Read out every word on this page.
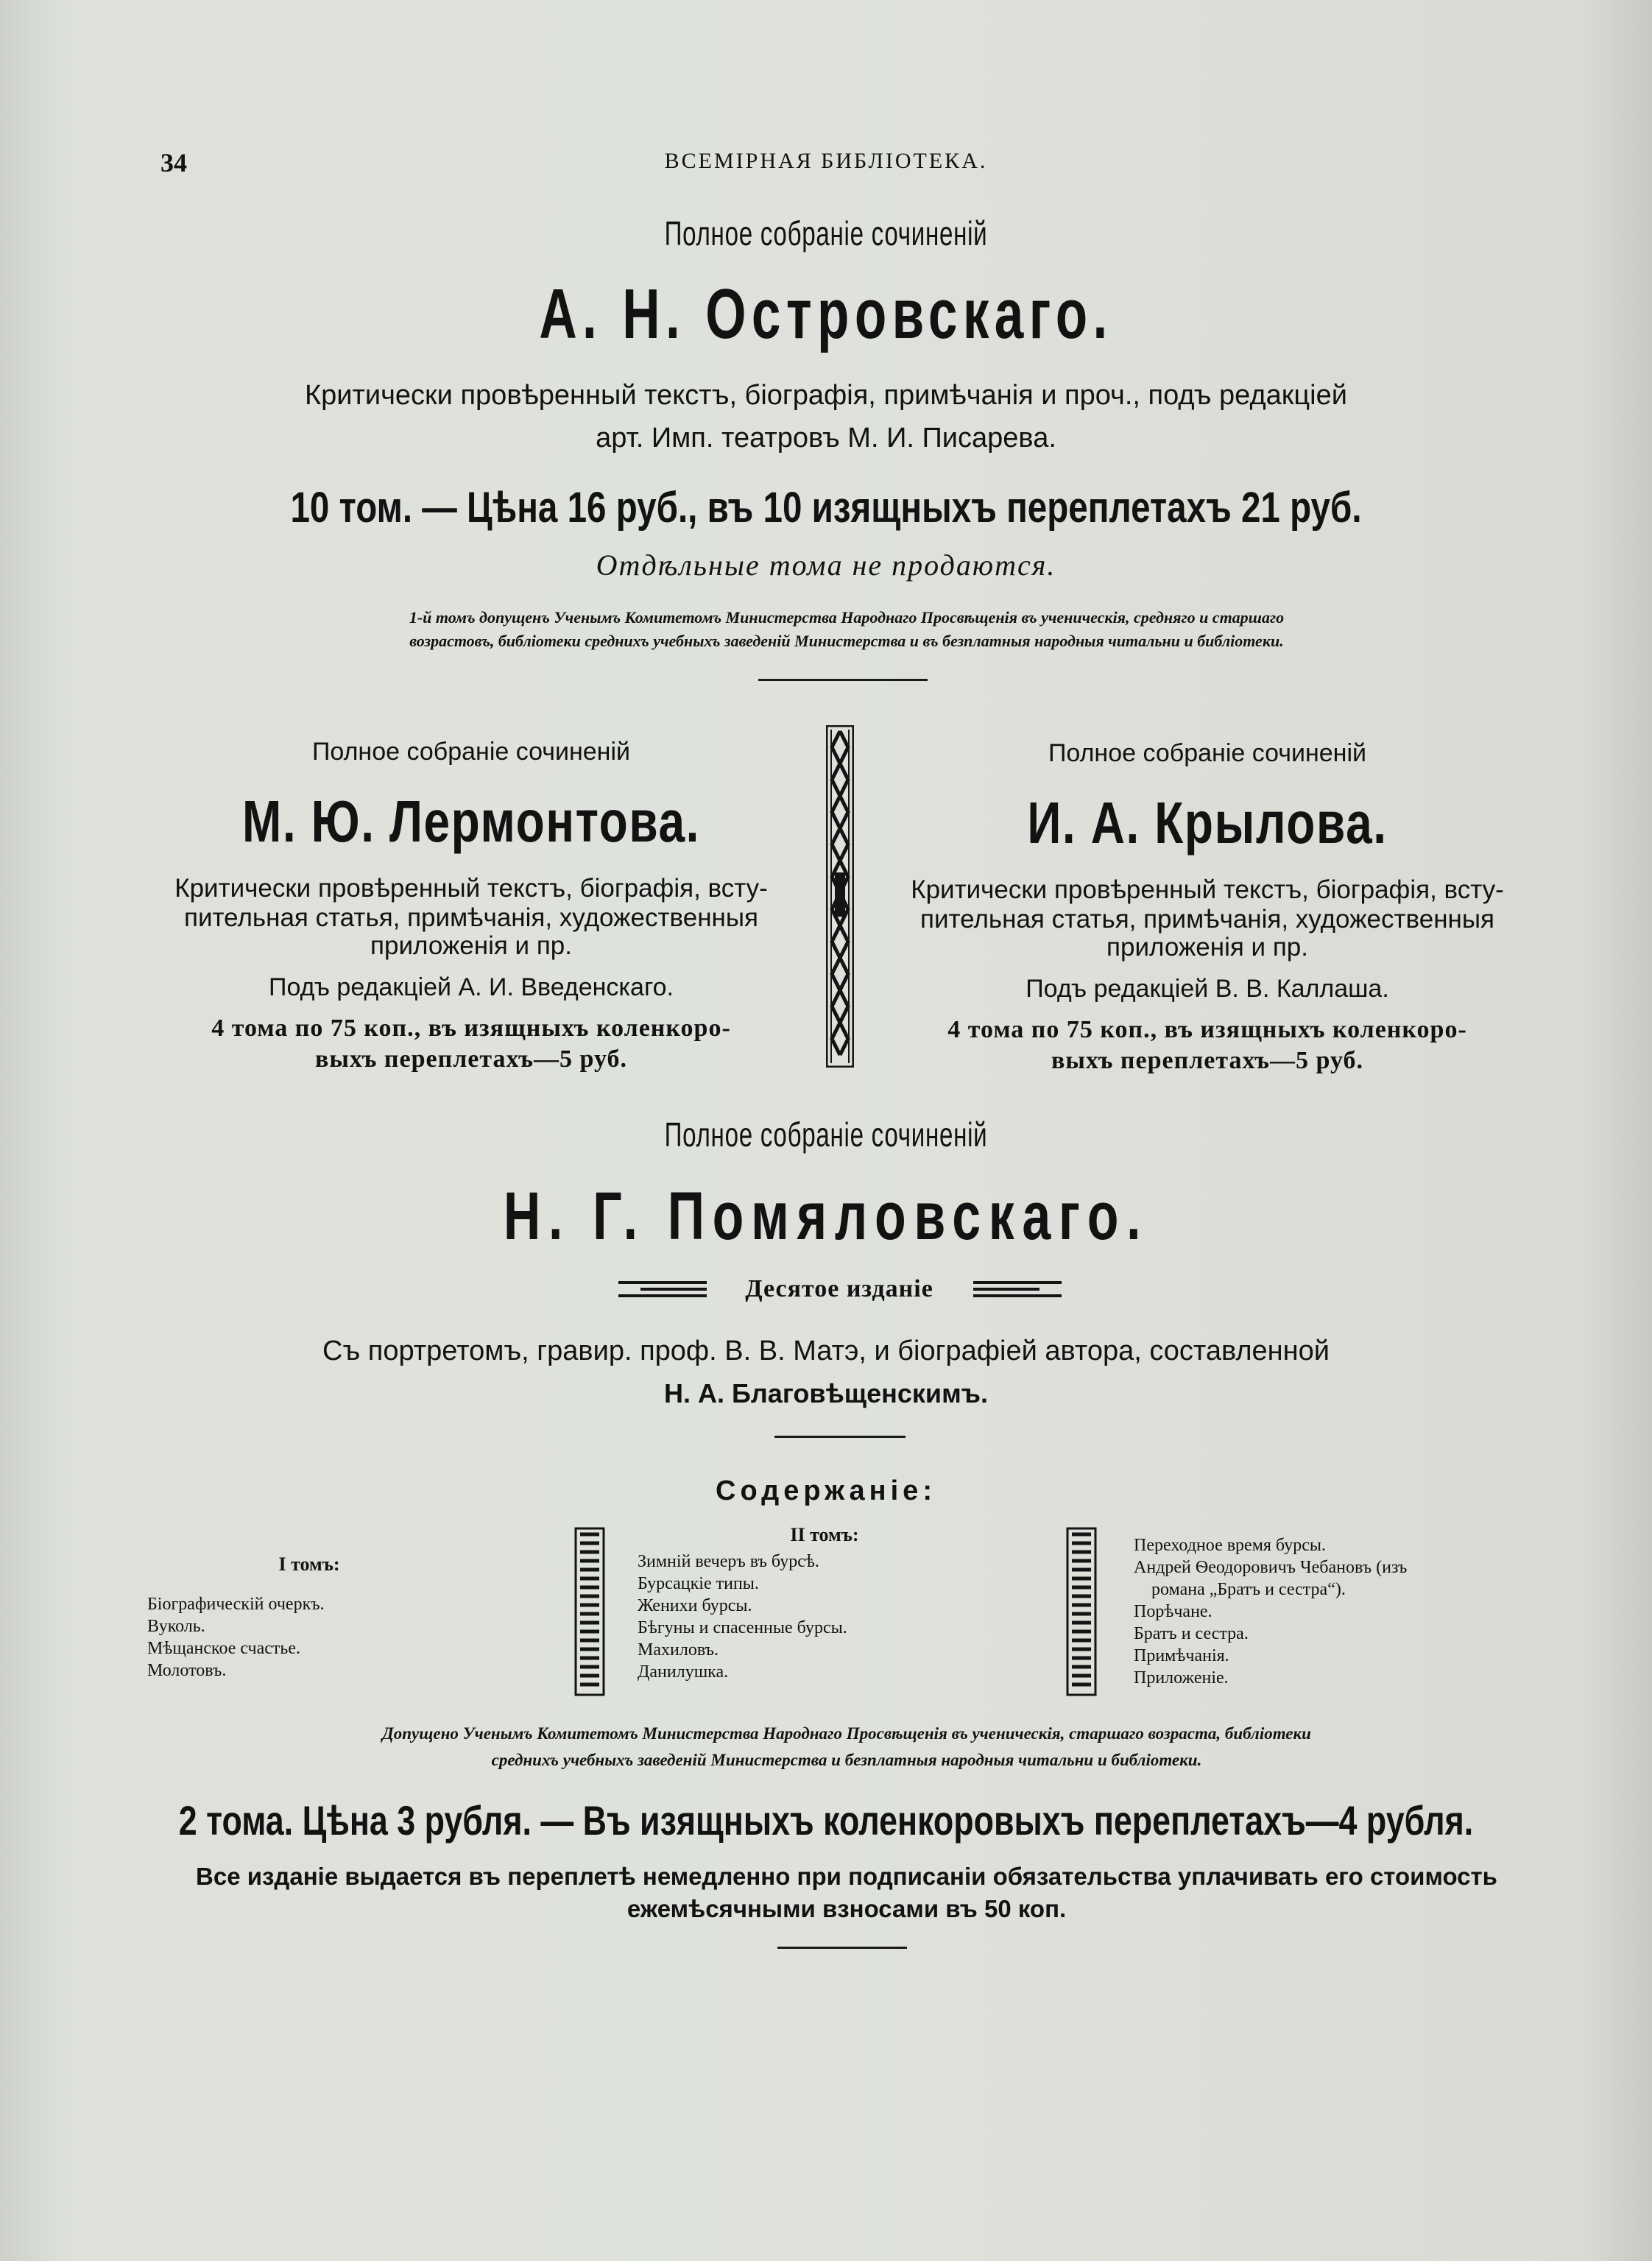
34	ВСЕМIРНАЯ БИБЛIОТЕКА.
Полное собранiе сочиненiй
А. Н. Островскаго.
Критически провѣренный текстъ, бiографiя, примѣчанiя и проч., подъ редакцiей
арт. Имп. театровъ М. И. Писарева.
10 том. — Цѣна 16 руб., въ 10 изящныхъ переплетахъ 21 руб.
Отдѣльные тома не продаются.
1-й томъ допущенъ Ученымъ Комитетомъ Министерства Народнаго Просвѣщенiя въ ученическiя, средняго и старшаго
возрастовъ, библiотеки среднихъ учебныхъ заведенiй Министерства и въ безплатныя народныя читальни и библiотеки.
Полное собранiе сочиненiй
М. Ю. Лермонтова.
Критически провѣренный текстъ, бiографiя, всту-
пительная статья, примѣчанiя, художественныя
приложенiя и пр.
Подъ редакцiей А. И. Введенскаго.
4 тома по 75 коп., въ изящныхъ коленкоро-
выхъ переплетахъ—5 руб.
Полное собранiе сочиненiй
И. А. Крылова.
Критически провѣренный текстъ, бiографiя, всту-
пительная статья, примѣчанiя, художественныя
приложенiя и пр.
Подъ редакцiей В. В. Каллаша.
4 тома по 75 коп., въ изящныхъ коленкоро-
выхъ переплетахъ—5 руб.
Полное собранiе сочиненiй
Н. Г. Помяловскаго.
Десятое изданiе
Съ портретомъ, гравир. проф. В. В. Матэ, и бiографiей автора, составленной
Н. А. Благовѣщенскимъ.
Содержанiе:
I томъ:
Бiографическiй очеркъ.
Вуколь.
Мѣщанское счастье.
Молотовъ.
II томъ:
Зимнiй вечеръ въ бурсѣ.
Бурсацкiе типы.
Женихи бурсы.
Бѣгуны и спасенные бурсы.
Махиловъ.
Данилушка.
Переходное время бурсы.
Андрей Ѳеодоровичъ Чебановъ (изъ
романа „Братъ и сестра“).
Порѣчане.
Братъ и сестра.
Примѣчанiя.
Приложенiе.
Допущено Ученымъ Комитетомъ Министерства Народнаго Просвѣщенiя въ ученическiя, старшаго возраста, библiотеки
среднихъ учебныхъ заведенiй Министерства и безплатныя народныя читальни и библiотеки.
2 тома. Цѣна 3 рубля. — Въ изящныхъ коленкоровыхъ переплетахъ—4 рубля.
Все изданiе выдается въ переплетѣ немедленно при подписанiи обязательства уплачивать его стоимость
ежемѣсячными взносами въ 50 коп.
